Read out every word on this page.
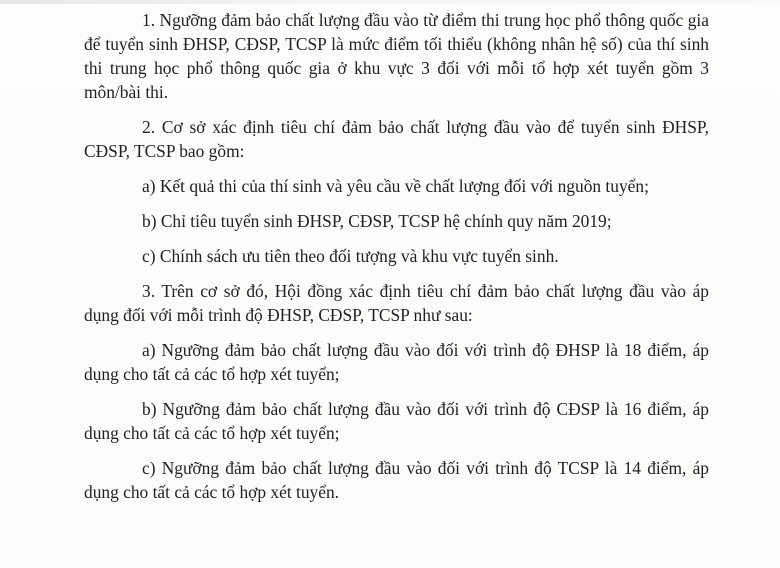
1. Ngưỡng đảm bảo chất lượng đầu vào từ điểm thi trung học phổ thông quốc gia để tuyển sinh ĐHSP, CĐSP, TCSP là mức điểm tối thiểu (không nhân hệ số) của thí sinh thi trung học phổ thông quốc gia ở khu vực 3 đối với mỗi tổ hợp xét tuyển gồm 3 môn/bài thi.

2. Cơ sở xác định tiêu chí đảm bảo chất lượng đầu vào để tuyển sinh ĐHSP, CĐSP, TCSP bao gồm:

a) Kết quả thi của thí sinh và yêu cầu về chất lượng đối với nguồn tuyển;

b) Chỉ tiêu tuyển sinh ĐHSP, CĐSP, TCSP hệ chính quy năm 2019;

c) Chính sách ưu tiên theo đối tượng và khu vực tuyển sinh.

3. Trên cơ sở đó, Hội đồng xác định tiêu chí đảm bảo chất lượng đầu vào áp dụng đối với mỗi trình độ ĐHSP, CĐSP, TCSP như sau:

a) Ngưỡng đảm bảo chất lượng đầu vào đối với trình độ ĐHSP là 18 điểm, áp dụng cho tất cả các tổ hợp xét tuyển;

b) Ngưỡng đảm bảo chất lượng đầu vào đối với trình độ CĐSP là 16 điểm, áp dụng cho tất cả các tổ hợp xét tuyển;

c) Ngưỡng đảm bảo chất lượng đầu vào đối với trình độ TCSP là 14 điểm, áp dụng cho tất cả các tổ hợp xét tuyển.
